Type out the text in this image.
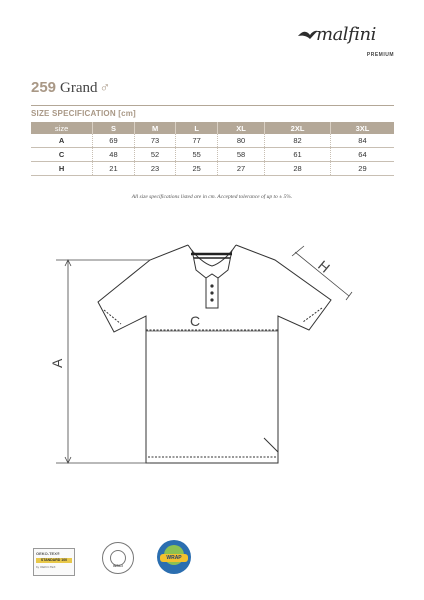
malfini
PREMIUM
259 Grand ♂
SIZE SPECIFICATION [cm]
size	S	M	L	XL	2XL	3XL
A	69	73	77	80	82	84
C	48	52	55	58	61	64
H	21	23	25	27	28	29
All size specifications listed are in cm. Accepted tolerance of up to ± 5%.
A
C
H
OEKO-TEX®
STANDARD 100
by OEKO-TEX	BSCI
WRAP
